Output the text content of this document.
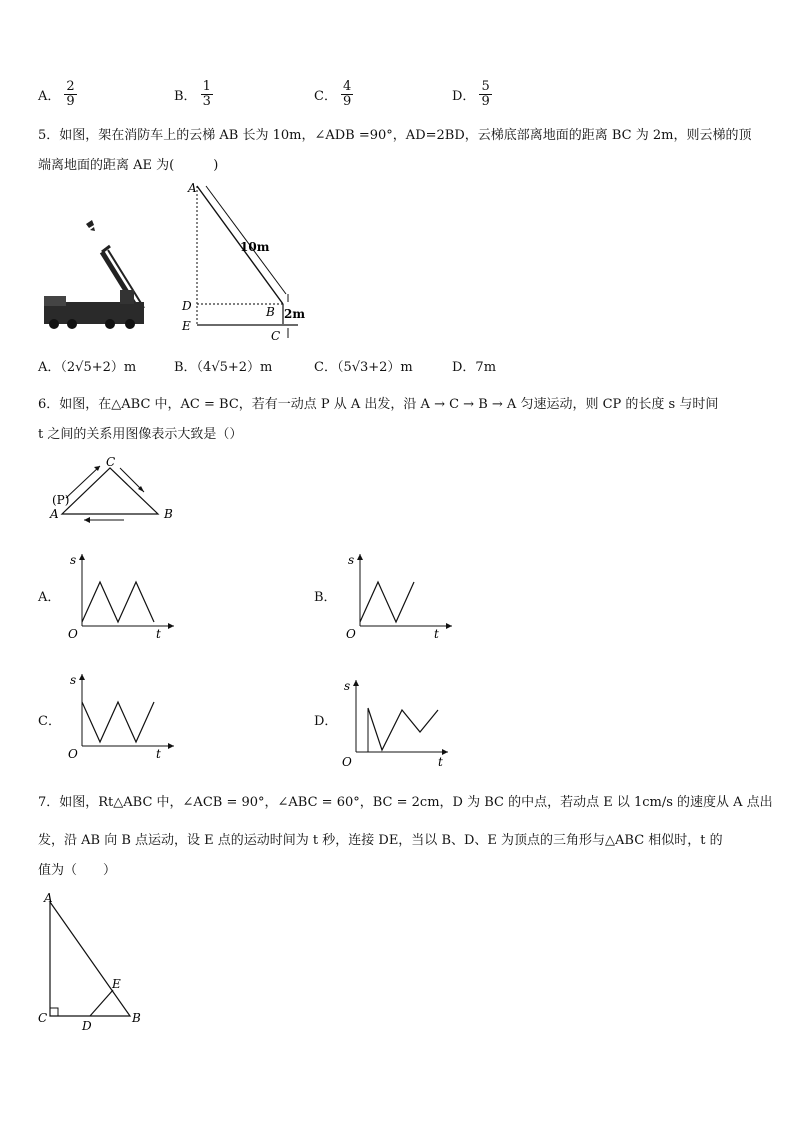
A． $\frac{2}{9}$	B． $\frac{1}{3}$	C． $\frac{4}{9}$	D． $\frac{5}{9}$
5．如图，架在消防车上的云梯 AB 长为 10m，∠ADB =90°，AD=2BD，云梯底部离地面的距离 BC 为 2m，则云梯的顶
端离地面的距离 AE 为(　　　)
A
D
E
B
C
10m
2m
A．（2√5+2）m	B．（4√5+2）m	C．（5√3+2）m	D．7m
6．如图，在△ABC 中，AC = BC，若有一动点 P 从 A 出发，沿 A → C → B → A 匀速运动，则 CP 的长度 s 与时间
t 之间的关系用图像表示大致是（）
A
C
B
(P)
A．
s
O	t
B．
s
O	t
C．
s
O	t
D．
s
O	t
7．如图，Rt△ABC 中，∠ACB = 90°，∠ABC = 60°，BC = 2cm，D 为 BC 的中点，若动点 E 以 1cm/s 的速度从 A 点出
发，沿 AB 向 B 点运动，设 E 点的运动时间为 t 秒，连接 DE，当以 B、D、E 为顶点的三角形与△ABC 相似时，t 的
值为（　　）
A
C
D
E
B
